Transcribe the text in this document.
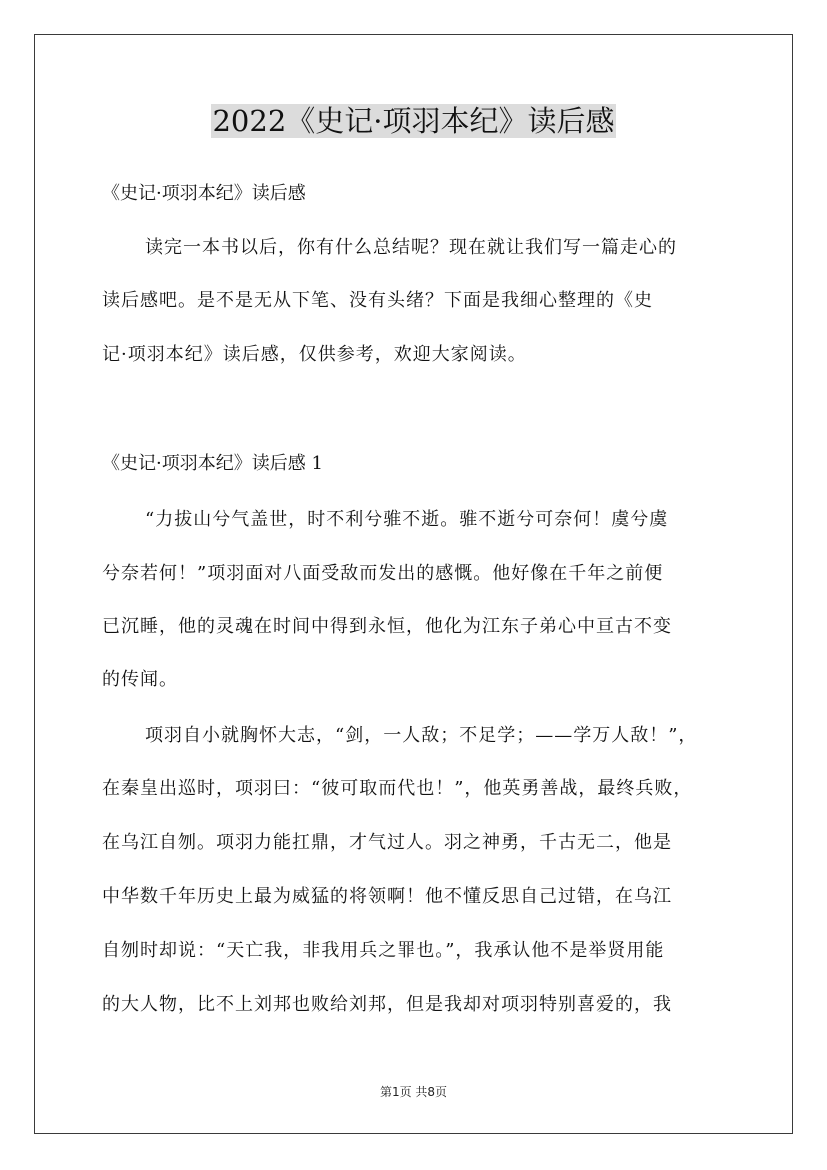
2022《史记·项羽本纪》读后感
《史记·项羽本纪》读后感
读完一本书以后，你有什么总结呢？现在就让我们写一篇走心的
读后感吧。是不是无从下笔、没有头绪？下面是我细心整理的《史
记·项羽本纪》读后感，仅供参考，欢迎大家阅读。
《史记·项羽本纪》读后感 1
“力拔山兮气盖世，时不利兮骓不逝。骓不逝兮可奈何！虞兮虞
兮奈若何！”项羽面对八面受敌而发出的感慨。他好像在千年之前便
已沉睡，他的灵魂在时间中得到永恒，他化为江东子弟心中亘古不变
的传闻。
项羽自小就胸怀大志，“剑，一人敌；不足学；——学万人敌！”，
在秦皇出巡时，项羽曰：“彼可取而代也！”，他英勇善战，最终兵败，
在乌江自刎。项羽力能扛鼎，才气过人。羽之神勇，千古无二，他是
中华数千年历史上最为威猛的将领啊！他不懂反思自己过错，在乌江
自刎时却说：“天亡我，非我用兵之罪也。”，我承认他不是举贤用能
的大人物，比不上刘邦也败给刘邦，但是我却对项羽特别喜爱的，我
第1页 共8页
